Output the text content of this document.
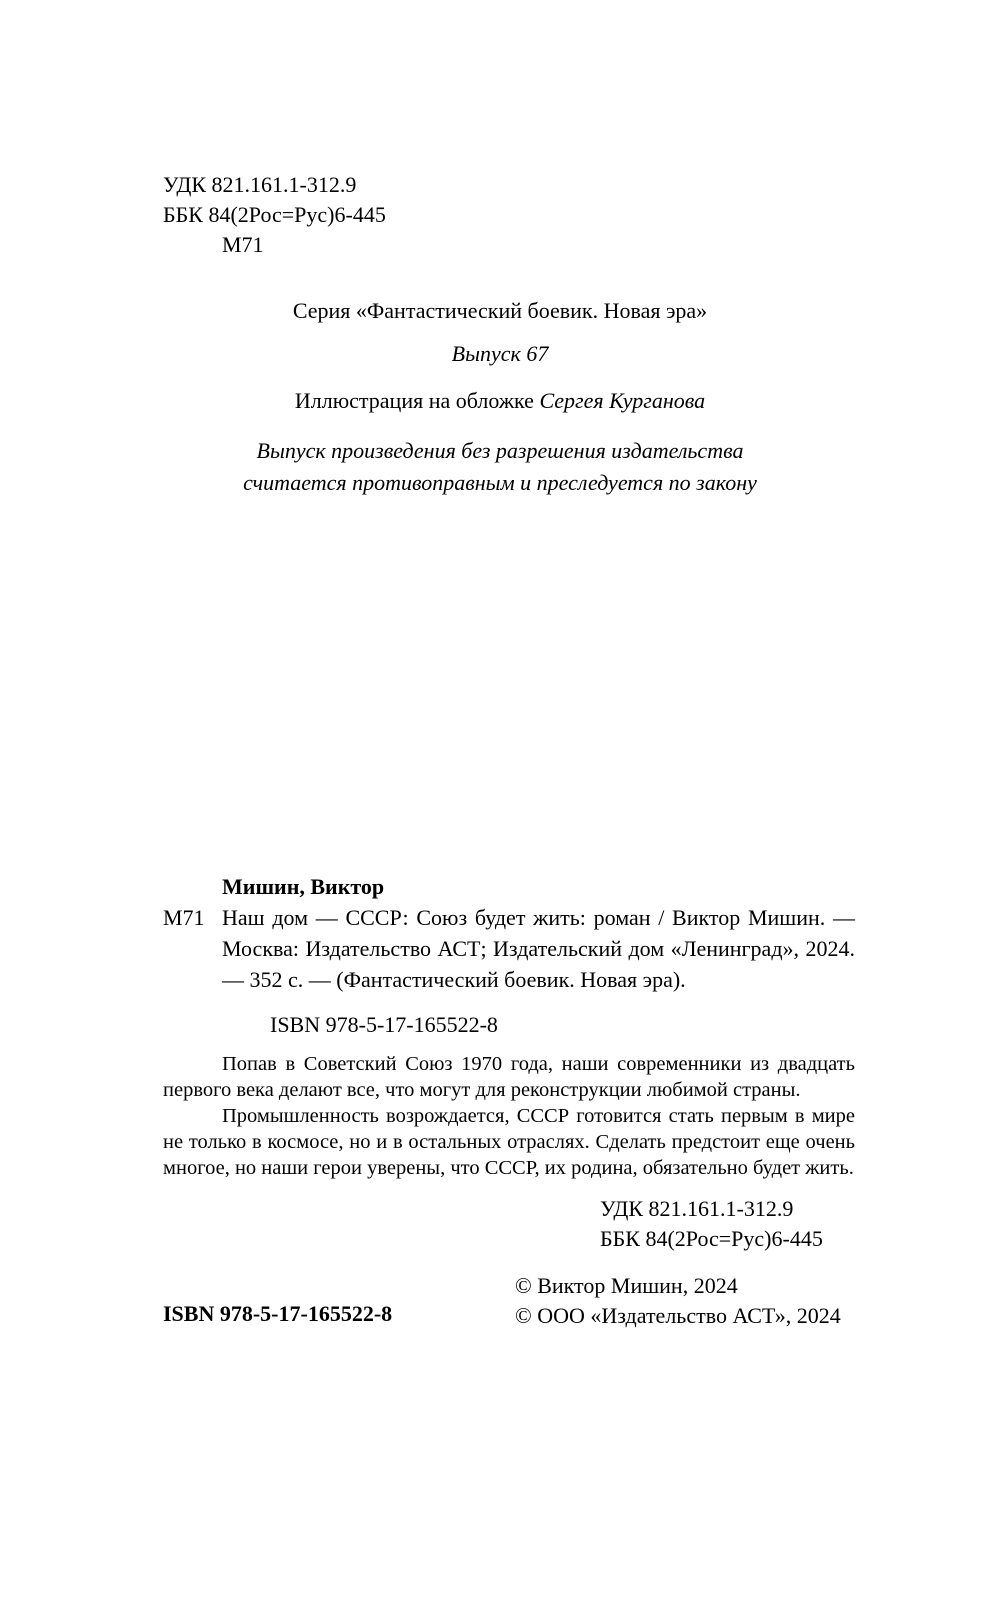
УДК 821.161.1-312.9
ББК 84(2Рос=Рус)6-445
М71
Серия «Фантастический боевик. Новая эра»
Выпуск 67
Иллюстрация на обложке Сергея Курганова
Выпуск произведения без разрешения издательства
считается противоправным и преследуется по закону
Мишин, Виктор
М71 Наш дом — СССР: Союз будет жить: роман / Виктор Мишин. — Москва: Издательство АСТ; Издательский дом «Ленинград», 2024. — 352 с. — (Фантастический боевик. Новая эра).
ISBN 978-5-17-165522-8

Попав в Советский Союз 1970 года, наши современники из двадцать первого века делают все, что могут для реконструкции любимой страны.

Промышленность возрождается, СССР готовится стать первым в мире не только в космосе, но и в остальных отраслях. Сделать предстоит еще очень многое, но наши герои уверены, что СССР, их родина, обязательно будет жить.

УДК 821.161.1-312.9
ББК 84(2Рос=Рус)6-445
ISBN 978-5-17-165522-8
© Виктор Мишин, 2024
© ООО «Издательство АСТ», 2024
